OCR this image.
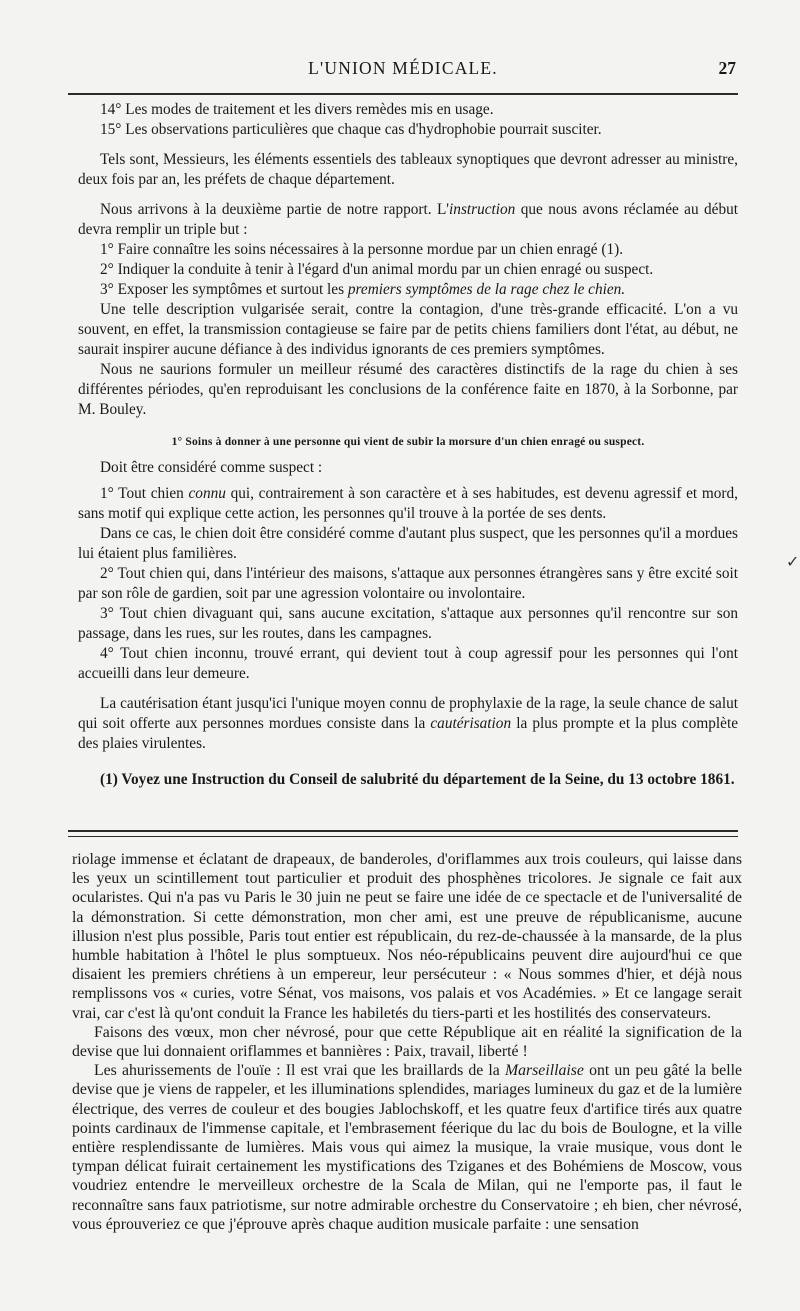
L'UNION MÉDICALE.	27

14° Les modes de traitement et les divers remèdes mis en usage.

15° Les observations particulières que chaque cas d'hydrophobie pourrait susciter.

Tels sont, Messieurs, les éléments essentiels des tableaux synoptiques que devront adresser au ministre, deux fois par an, les préfets de chaque département.

Nous arrivons à la deuxième partie de notre rapport. L'instruction que nous avons réclamée au début devra remplir un triple but :

1° Faire connaître les soins nécessaires à la personne mordue par un chien enragé (1).

2° Indiquer la conduite à tenir à l'égard d'un animal mordu par un chien enragé ou suspect.

3° Exposer les symptômes et surtout les premiers symptômes de la rage chez le chien.

Une telle description vulgarisée serait, contre la contagion, d'une très-grande efficacité. L'on a vu souvent, en effet, la transmission contagieuse se faire par de petits chiens familiers dont l'état, au début, ne saurait inspirer aucune défiance à des individus ignorants de ces premiers symptômes.

Nous ne saurions formuler un meilleur résumé des caractères distinctifs de la rage du chien à ses différentes périodes, qu'en reproduisant les conclusions de la conférence faite en 1870, à la Sorbonne, par M. Bouley.

1° Soins à donner à une personne qui vient de subir la morsure d'un chien enragé ou suspect.

Doit être considéré comme suspect :

1° Tout chien connu qui, contrairement à son caractère et à ses habitudes, est devenu agressif et mord, sans motif qui explique cette action, les personnes qu'il trouve à la portée de ses dents.

Dans ce cas, le chien doit être considéré comme d'autant plus suspect, que les personnes qu'il a mordues lui étaient plus familières.

2° Tout chien qui, dans l'intérieur des maisons, s'attaque aux personnes étrangères sans y être excité soit par son rôle de gardien, soit par une agression volontaire ou involontaire.

3° Tout chien divaguant qui, sans aucune excitation, s'attaque aux personnes qu'il rencontre sur son passage, dans les rues, sur les routes, dans les campagnes.

4° Tout chien inconnu, trouvé errant, qui devient tout à coup agressif pour les personnes qui l'ont accueilli dans leur demeure.

La cautérisation étant jusqu'ici l'unique moyen connu de prophylaxie de la rage, la seule chance de salut qui soit offerte aux personnes mordues consiste dans la cautérisation la plus prompte et la plus complète des plaies virulentes.

(1) Voyez une Instruction du Conseil de salubrité du département de la Seine, du 13 octobre 1861.

✓

riolage immense et éclatant de drapeaux, de banderoles, d'oriflammes aux trois couleurs, qui laisse dans les yeux un scintillement tout particulier et produit des phosphènes tricolores. Je signale ce fait aux ocularistes. Qui n'a pas vu Paris le 30 juin ne peut se faire une idée de ce spectacle et de l'universalité de la démonstration. Si cette démonstration, mon cher ami, est une preuve de républicanisme, aucune illusion n'est plus possible, Paris tout entier est républicain, du rez-de-chaussée à la mansarde, de la plus humble habitation à l'hôtel le plus somptueux. Nos néo-républicains peuvent dire aujourd'hui ce que disaient les premiers chrétiens à un empereur, leur persécuteur : « Nous sommes d'hier, et déjà nous remplissons vos « curies, votre Sénat, vos maisons, vos palais et vos Académies. » Et ce langage serait vrai, car c'est là qu'ont conduit la France les habiletés du tiers-parti et les hostilités des conservateurs.

Faisons des vœux, mon cher névrosé, pour que cette République ait en réalité la signification de la devise que lui donnaient oriflammes et bannières : Paix, travail, liberté !

Les ahurissements de l'ouïe : Il est vrai que les braillards de la Marseillaise ont un peu gâté la belle devise que je viens de rappeler, et les illuminations splendides, mariages lumineux du gaz et de la lumière électrique, des verres de couleur et des bougies Jablochskoff, et les quatre feux d'artifice tirés aux quatre points cardinaux de l'immense capitale, et l'embrasement féerique du lac du bois de Boulogne, et la ville entière resplendissante de lumières. Mais vous qui aimez la musique, la vraie musique, vous dont le tympan délicat fuirait certainement les mystifications des Tziganes et des Bohémiens de Moscow, vous voudriez entendre le merveilleux orchestre de la Scala de Milan, qui ne l'emporte pas, il faut le reconnaître sans faux patriotisme, sur notre admirable orchestre du Conservatoire ; eh bien, cher névrosé, vous éprouveriez ce que j'éprouve après chaque audition musicale parfaite : une sensation
